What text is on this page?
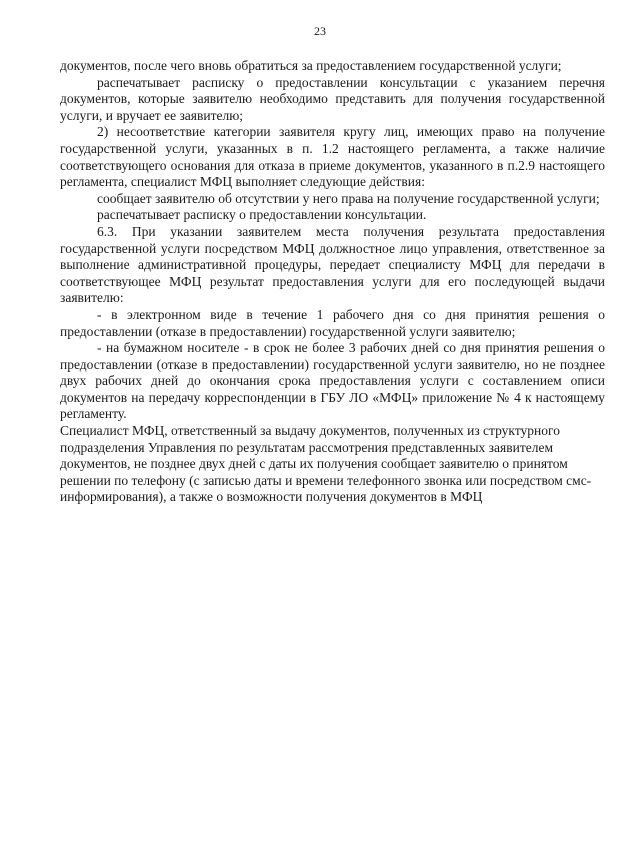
23

документов, после чего вновь обратиться за предоставлением государственной услуги;

распечатывает расписку о предоставлении консультации с указанием перечня документов, которые заявителю необходимо представить для получения государственной услуги, и вручает ее заявителю;

2) несоответствие категории заявителя кругу лиц, имеющих право на получение государственной услуги, указанных в п. 1.2 настоящего регламента, а также наличие соответствующего основания для отказа в приеме документов, указанного в п.2.9 настоящего регламента, специалист МФЦ выполняет следующие действия:

сообщает заявителю об отсутствии у него права на получение государственной услуги;

распечатывает расписку о предоставлении консультации.

6.3. При указании заявителем места получения результата предоставления государственной услуги посредством МФЦ должностное лицо управления, ответственное за выполнение административной процедуры, передает специалисту МФЦ для передачи в соответствующее МФЦ результат предоставления услуги для его последующей выдачи заявителю:

- в электронном виде в течение 1 рабочего дня со дня принятия решения о предоставлении (отказе в предоставлении) государственной услуги заявителю;

- на бумажном носителе - в срок не более 3 рабочих дней со дня принятия решения о предоставлении (отказе в предоставлении) государственной услуги заявителю, но не позднее двух рабочих дней до окончания срока предоставления услуги с составлением описи документов на передачу корреспонденции в ГБУ ЛО «МФЦ» приложение № 4 к настоящему регламенту.

Специалист МФЦ, ответственный за выдачу документов, полученных из структурного подразделения Управления по результатам рассмотрения представленных заявителем документов, не позднее двух дней с даты их получения сообщает заявителю о принятом решении по телефону (с записью даты и времени телефонного звонка или посредством смс-информирования), а также о возможности получения документов в МФЦ
